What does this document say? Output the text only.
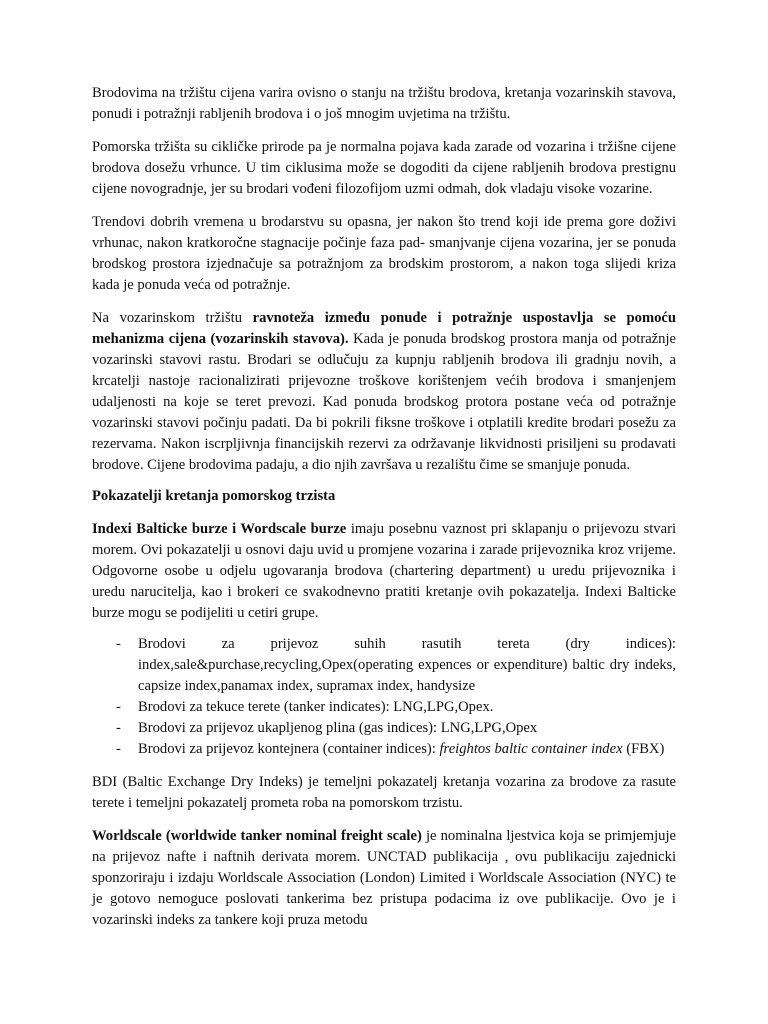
Brodovima na tržištu cijena varira ovisno o stanju na tržištu brodova, kretanja vozarinskih stavova, ponudi i potražnji rabljenih brodova i o još mnogim uvjetima na tržištu.

Pomorska tržišta su cikličke prirode pa je normalna pojava kada zarade od vozarina i tržišne cijene brodova dosežu vrhunce. U tim ciklusima može se dogoditi da cijene rabljenih brodova prestignu cijene novogradnje, jer su brodari vođeni filozofijom uzmi odmah, dok vladaju visoke vozarine.

Trendovi dobrih vremena u brodarstvu su opasna, jer nakon što trend koji ide prema gore doživi vrhunac, nakon kratkoročne stagnacije počinje faza pad- smanjvanje cijena vozarina, jer se ponuda brodskog prostora izjednačuje sa potražnjom za brodskim prostorom, a nakon toga slijedi kriza kada je ponuda veća od potražnje.

Na vozarinskom tržištu ravnoteža između ponude i potražnje uspostavlja se pomoću mehanizma cijena (vozarinskih stavova). Kada je ponuda brodskog prostora manja od potražnje vozarinski stavovi rastu. Brodari se odlučuju za kupnju rabljenih brodova ili gradnju novih, a krcatelji nastoje racionalizirati prijevozne troškove korištenjem većih brodova i smanjenjem udaljenosti na koje se teret prevozi. Kad ponuda brodskog protora postane veća od potražnje vozarinski stavovi počinju padati. Da bi pokrili fiksne troškove i otplatili kredite brodari posežu za rezervama. Nakon iscrpljivnja financijskih rezervi za održavanje likvidnosti prisiljeni su prodavati brodove. Cijene brodovima padaju, a dio njih završava u rezalištu čime se smanjuje ponuda.

Pokazatelji kretanja pomorskog trzista

Indexi Balticke burze i Wordscale burze imaju posebnu vaznost pri sklapanju o prijevozu stvari morem. Ovi pokazatelji u osnovi daju uvid u promjene vozarina i zarade prijevoznika kroz vrijeme. Odgovorne osobe u odjelu ugovaranja brodova (chartering department) u uredu prijevoznika i uredu naruciteljа, kao i brokeri ce svakodnevno pratiti kretanje ovih pokazatelja. Indexi Balticke burze mogu se podijeliti u cetiri grupe.

- Brodovi za prijevoz suhih rasutih tereta (dry indices): index,sale&purchase,recycling,Opex(operating expences or expenditure) baltic dry indeks, capsize index,panamax index, supramax index, handysize
- Brodovi za tekuce terete (tanker indicates): LNG,LPG,Opex.
- Brodovi za prijevoz ukapljenog plina (gas indices): LNG,LPG,Opex
- Brodovi za prijevoz kontejnera (container indices): freightos baltic container index (FBX)

BDI (Baltic Exchange Dry Indeks) je temeljni pokazatelj kretanja vozarina za brodove za rasute terete i temeljni pokazatelj prometa roba na pomorskom trzistu.

Worldscale (worldwide tanker nominal freight scale) je nominalna ljestvica koja se primjemjuje na prijevoz nafte i naftnih derivata morem. UNCTAD publikacija , ovu publikaciju zajednicki sponzoriraju i izdaju Worldscale Association (London) Limited i Worldscale Association (NYC) te je gotovo nemoguce poslovati tankerima bez pristupa podacima iz ove publikacije. Ovo je i vozarinski indeks za tankere koji pruza metodu
